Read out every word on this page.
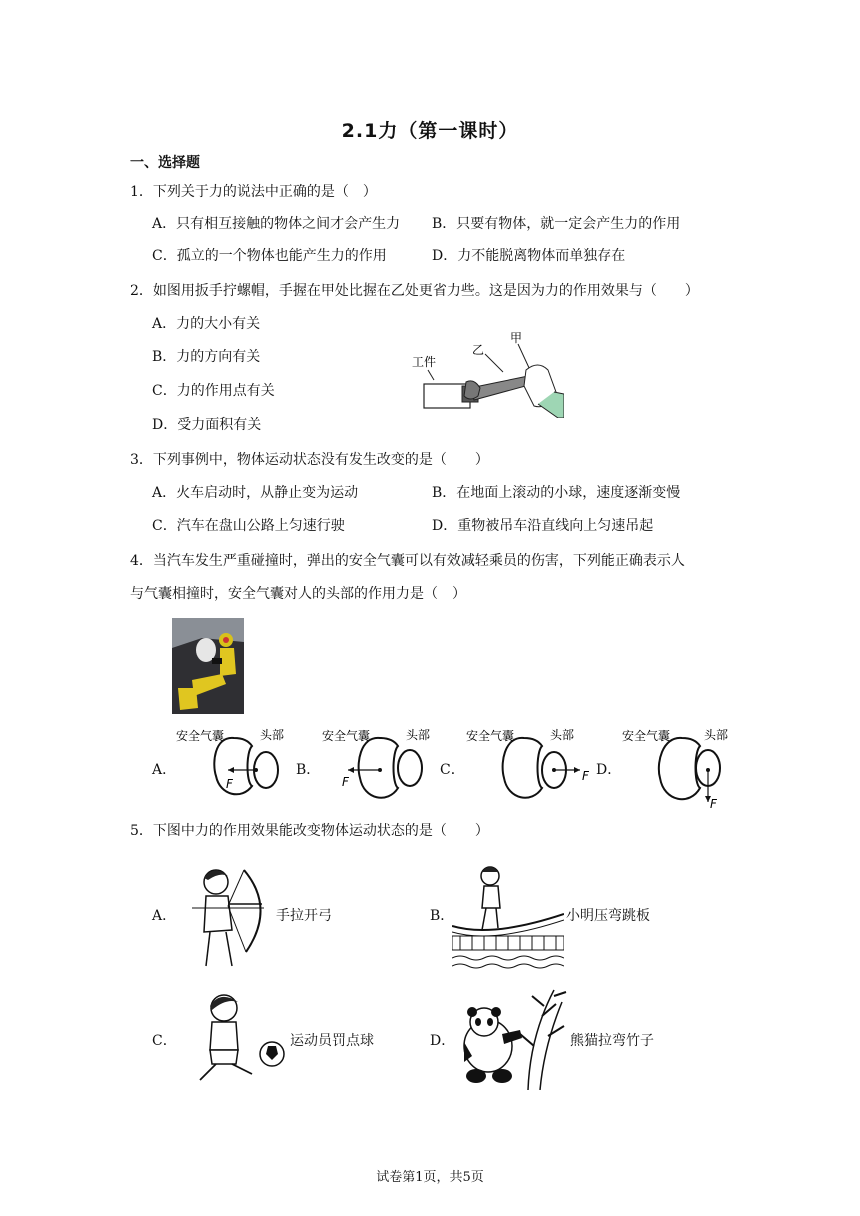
2.1力（第一课时）
一、选择题
1．下列关于力的说法中正确的是（　）
A．只有相互接触的物体之间才会产生力 B．只要有物体，就一定会产生力的作用
C．孤立的一个物体也能产生力的作用	D．力不能脱离物体而单独存在
2．如图用扳手拧螺帽，手握在甲处比握在乙处更省力些。这是因为力的作用效果与（　　）
A．力的大小有关
B．力的方向有关
C．力的作用点有关
D．受力面积有关
工件
乙
甲
3．下列事例中，物体运动状态没有发生改变的是（　　）
A．火车启动时，从静止变为运动	B．在地面上滚动的小球，速度逐渐变慢
C．汽车在盘山公路上匀速行驶	D．重物被吊车沿直线向上匀速吊起
4．当汽车发生严重碰撞时，弹出的安全气囊可以有效减轻乘员的伤害，下列能正确表示人
与气囊相撞时，安全气囊对人的头部的作用力是（　）
A．	B．	C．	D．
安全气囊	头部
F
安全气囊	头部
F
安全气囊	头部
F
安全气囊	头部
F
5．下图中力的作用效果能改变物体运动状态的是（　　）
A．	手拉开弓	B．	小明压弯跳板
C．	运动员罚点球	D．	熊猫拉弯竹子
试卷第1页，共5页
